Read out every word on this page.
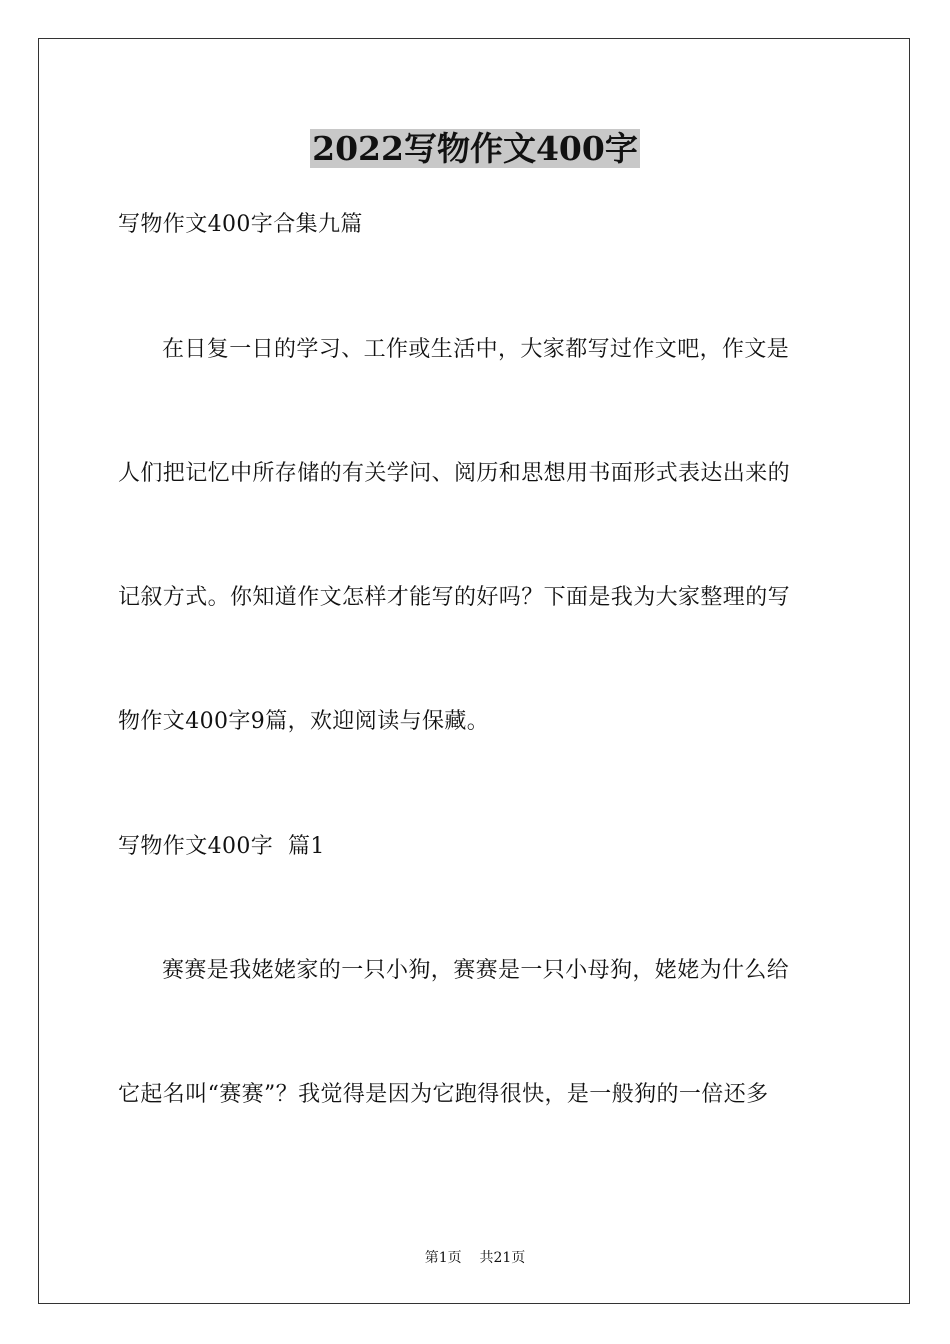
2022写物作文400字

写物作文400字合集九篇

在日复一日的学习、工作或生活中，大家都写过作文吧，作文是

人们把记忆中所存储的有关学问、阅历和思想用书面形式表达出来的

记叙方式。你知道作文怎样才能写的好吗？下面是我为大家整理的写

物作文400字9篇，欢迎阅读与保藏。

写物作文400字  篇1

赛赛是我姥姥家的一只小狗，赛赛是一只小母狗，姥姥为什么给

它起名叫“赛赛”？我觉得是因为它跑得很快，是一般狗的一倍还多

第1页 共21页
